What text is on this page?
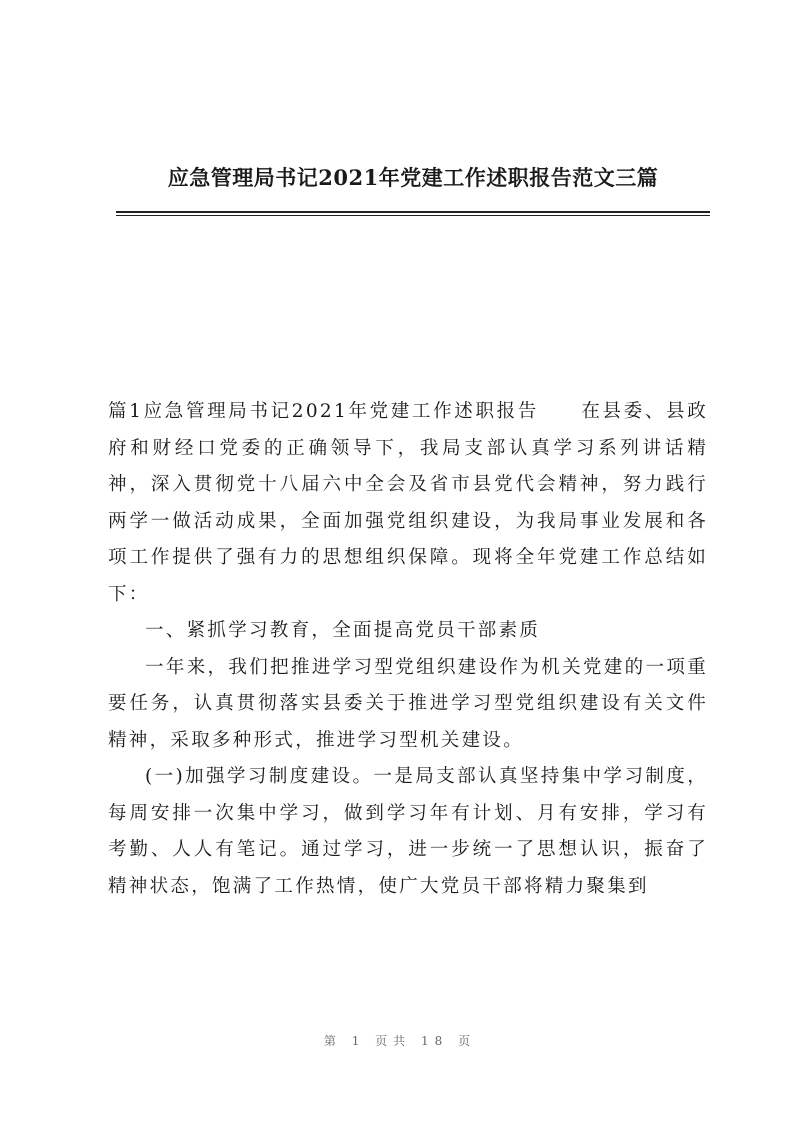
应急管理局书记2021年党建工作述职报告范文三篇

篇1应急管理局书记2021年党建工作述职报告 在县委、县政府和财经口党委的正确领导下，我局支部认真学习系列讲话精神，深入贯彻党十八届六中全会及省市县党代会精神，努力践行两学一做活动成果，全面加强党组织建设，为我局事业发展和各项工作提供了强有力的思想组织保障。现将全年党建工作总结如下：

一、紧抓学习教育，全面提高党员干部素质

一年来，我们把推进学习型党组织建设作为机关党建的一项重要任务，认真贯彻落实县委关于推进学习型党组织建设有关文件精神，采取多种形式，推进学习型机关建设。

(一)加强学习制度建设。一是局支部认真坚持集中学习制度，每周安排一次集中学习，做到学习年有计划、月有安排，学习有考勤、人人有笔记。通过学习，进一步统一了思想认识，振奋了精神状态，饱满了工作热情，使广大党员干部将精力聚集到

第 1 页共 18 页
